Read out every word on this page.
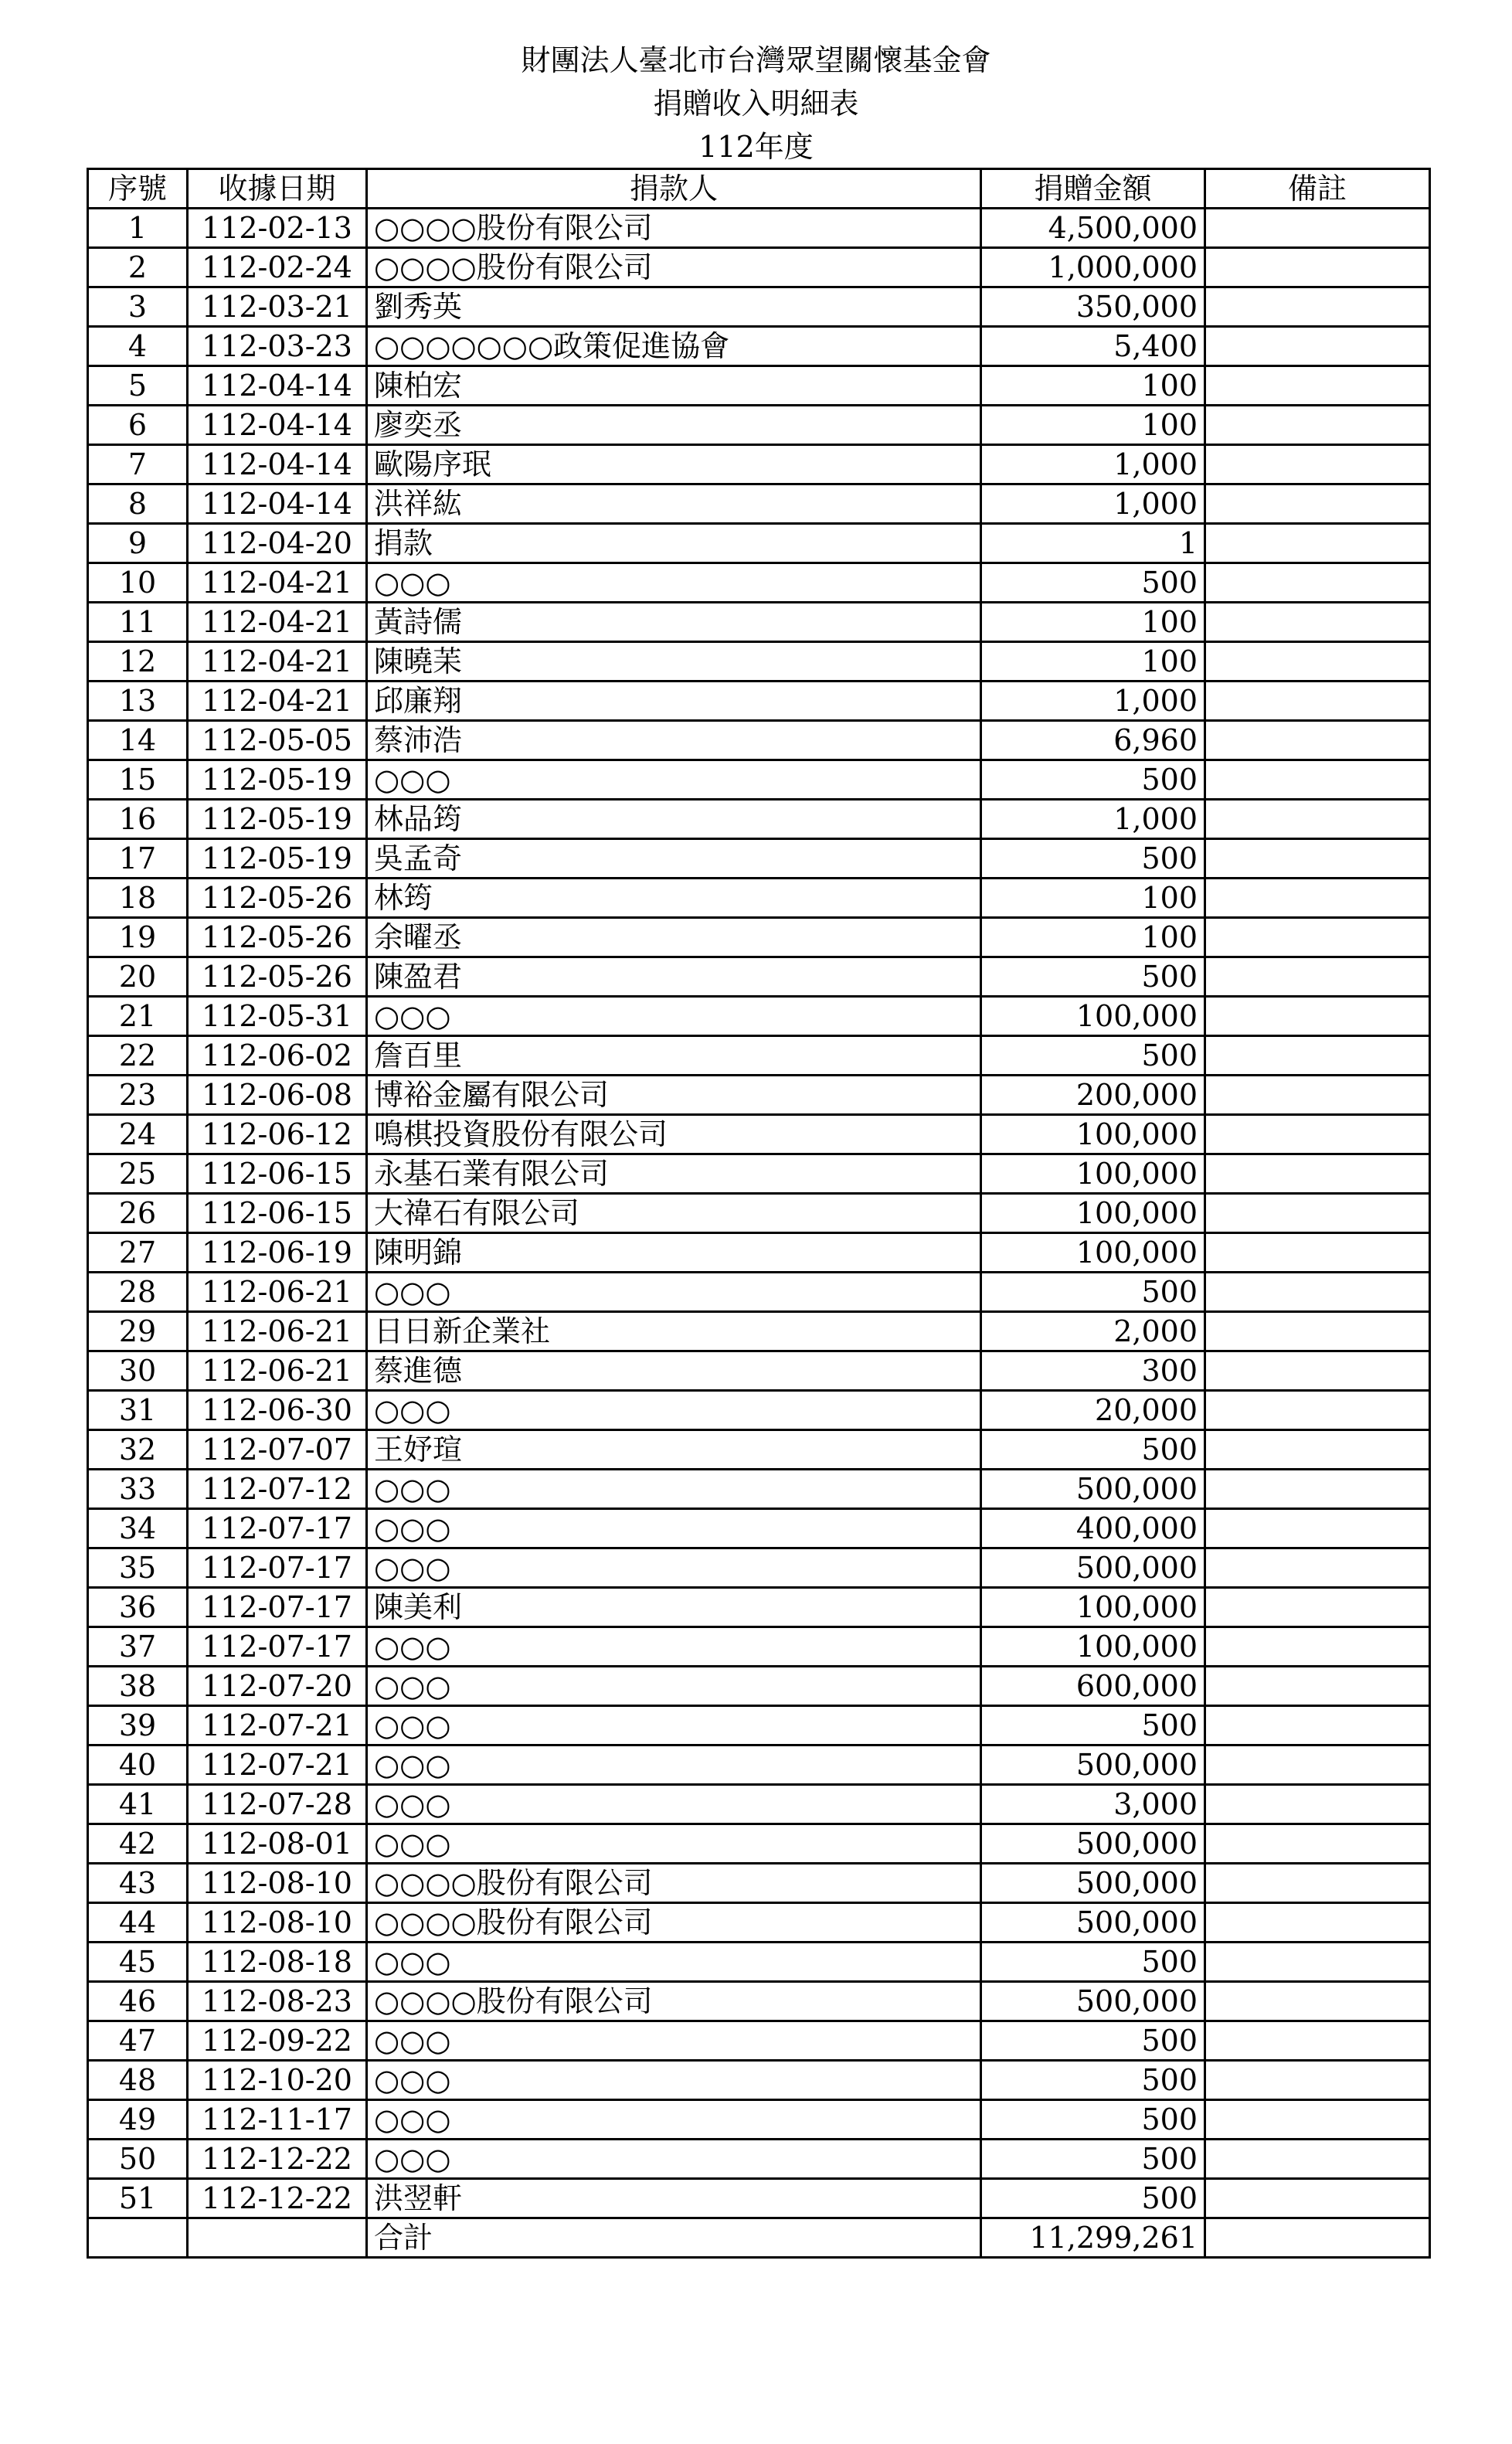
財團法人臺北市台灣眾望關懷基金會
捐贈收入明細表
112年度
序號	收據日期	捐款人	捐贈金額	備註
1	112-02-13	○○○○股份有限公司	4,500,000	
2	112-02-24	○○○○股份有限公司	1,000,000	
3	112-03-21	劉秀英	350,000	
4	112-03-23	○○○○○○○政策促進協會	5,400	
5	112-04-14	陳柏宏	100	
6	112-04-14	廖奕丞	100	
7	112-04-14	歐陽序珉	1,000	
8	112-04-14	洪祥紘	1,000	
9	112-04-20	捐款	1	
10	112-04-21	○○○	500	
11	112-04-21	黃詩儒	100	
12	112-04-21	陳曉苿	100	
13	112-04-21	邱廉翔	1,000	
14	112-05-05	蔡沛浩	6,960	
15	112-05-19	○○○	500	
16	112-05-19	林品筠	1,000	
17	112-05-19	吳孟奇	500	
18	112-05-26	林筠	100	
19	112-05-26	余曜丞	100	
20	112-05-26	陳盈君	500	
21	112-05-31	○○○	100,000	
22	112-06-02	詹百里	500	
23	112-06-08	博裕金屬有限公司	200,000	
24	112-06-12	鳴棋投資股份有限公司	100,000	
25	112-06-15	永基石業有限公司	100,000	
26	112-06-15	大禕石有限公司	100,000	
27	112-06-19	陳明錦	100,000	
28	112-06-21	○○○	500	
29	112-06-21	日日新企業社	2,000	
30	112-06-21	蔡進德	300	
31	112-06-30	○○○	20,000	
32	112-07-07	王妤瑄	500	
33	112-07-12	○○○	500,000	
34	112-07-17	○○○	400,000	
35	112-07-17	○○○	500,000	
36	112-07-17	陳美利	100,000	
37	112-07-17	○○○	100,000	
38	112-07-20	○○○	600,000	
39	112-07-21	○○○	500	
40	112-07-21	○○○	500,000	
41	112-07-28	○○○	3,000	
42	112-08-01	○○○	500,000	
43	112-08-10	○○○○股份有限公司	500,000	
44	112-08-10	○○○○股份有限公司	500,000	
45	112-08-18	○○○	500	
46	112-08-23	○○○○股份有限公司	500,000	
47	112-09-22	○○○	500	
48	112-10-20	○○○	500	
49	112-11-17	○○○	500	
50	112-12-22	○○○	500	
51	112-12-22	洪翌軒	500	
		合計	11,299,261	
